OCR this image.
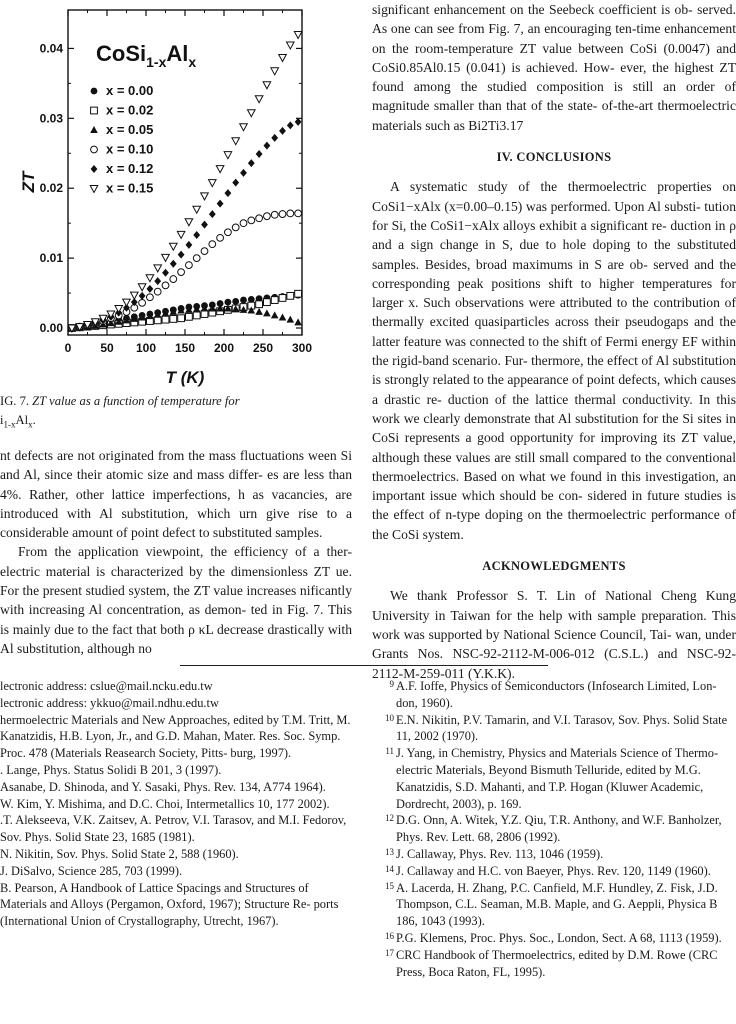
0 50 100 150 200 250 300
0.00
0.01
0.02
0.03
0.04 $CoSi_{1-x}Al_x$
x = 0.00
x = 0.02
x = 0.05
x = 0.10
x = 0.12
x = 0.15
ZT
T (K)
IG. 7. ZT value as a function of temperature for
$i_{1-x}Al_x$.

nt defects are not originated from the mass fluctuations ween Si and Al, since their atomic size and mass differ- es are less than 4%. Rather, other lattice imperfections, h as vacancies, are introduced with Al substitution, which urn give rise to a considerable amount of point defect to substituted samples.

From the application viewpoint, the efficiency of a ther- electric material is characterized by the dimensionless ZT ue. For the present studied system, the ZT value increases nificantly with increasing Al concentration, as demon- ted in Fig. 7. This is mainly due to the fact that both ρ κL decrease drastically with Al substitution, although no

significant enhancement on the Seebeck coefficient is ob- served. As one can see from Fig. 7, an encouraging ten-time enhancement on the room-temperature ZT value between CoSi (0.0047) and CoSi0.85Al0.15 (0.041) is achieved. How- ever, the highest ZT found among the studied composition is still an order of magnitude smaller than that of the state- of-the-art thermoelectric materials such as Bi2Ti3.17

IV. CONCLUSIONS

A systematic study of the thermoelectric properties on CoSi1−xAlx (x=0.00–0.15) was performed. Upon Al substi- tution for Si, the CoSi1−xAlx alloys exhibit a significant re- duction in ρ and a sign change in S, due to hole doping to the substituted samples. Besides, broad maximums in S are ob- served and the corresponding peak positions shift to higher temperatures for larger x. Such observations were attributed to the contribution of thermally excited quasiparticles across their pseudogaps and the latter feature was connected to the shift of Fermi energy EF within the rigid-band scenario. Fur- thermore, the effect of Al substitution is strongly related to the appearance of point defects, which causes a drastic re- duction of the lattice thermal conductivity. In this work we clearly demonstrate that Al substitution for the Si sites in CoSi represents a good opportunity for improving its ZT value, although these values are still small compared to the conventional thermoelectrics. Based on what we found in this investigation, an important issue which should be con- sidered in future studies is the effect of n-type doping on the thermoelectric performance of the CoSi system.

ACKNOWLEDGMENTS

We thank Professor S. T. Lin of National Cheng Kung University in Taiwan for the help with sample preparation. This work was supported by National Science Council, Tai- wan, under Grants Nos. NSC-92-2112-M-006-012 (C.S.L.) and NSC-92-2112-M-259-011 (Y.K.K).

lectronic address: cslue@mail.ncku.edu.tw
lectronic address: ykkuo@mail.ndhu.edu.tw
hermoelectric Materials and New Approaches, edited by T.M. Tritt, M. Kanatzidis, H.B. Lyon, Jr., and G.D. Mahan, Mater. Res. Soc. Symp. Proc. 478 (Materials Reasearch Society, Pitts- burg, 1997).
. Lange, Phys. Status Solidi B 201, 3 (1997).
Asanabe, D. Shinoda, and Y. Sasaki, Phys. Rev. 134, A774 1964).
W. Kim, Y. Mishima, and D.C. Choi, Intermetallics 10, 177 2002).
.T. Alekseeva, V.K. Zaitsev, A. Petrov, V.I. Tarasov, and M.I. Fedorov, Sov. Phys. Solid State 23, 1685 (1981).
N. Nikitin, Sov. Phys. Solid State 2, 588 (1960).
J. DiSalvo, Science 285, 703 (1999).
B. Pearson, A Handbook of Lattice Spacings and Structures of Materials and Alloys (Pergamon, Oxford, 1967); Structure Re- ports (International Union of Crystallography, Utrecht, 1967).
9 A.F. Ioffe, Physics of Semiconductors (Infosearch Limited, Lon- don, 1960).
10 E.N. Nikitin, P.V. Tamarin, and V.I. Tarasov, Sov. Phys. Solid State 11, 2002 (1970).
11 J. Yang, in Chemistry, Physics and Materials Science of Thermo- electric Materials, Beyond Bismuth Telluride, edited by M.G. Kanatzidis, S.D. Mahanti, and T.P. Hogan (Kluwer Academic, Dordrecht, 2003), p. 169.
12 D.G. Onn, A. Witek, Y.Z. Qiu, T.R. Anthony, and W.F. Banholzer, Phys. Rev. Lett. 68, 2806 (1992).
13 J. Callaway, Phys. Rev. 113, 1046 (1959).
14 J. Callaway and H.C. von Baeyer, Phys. Rev. 120, 1149 (1960).
15 A. Lacerda, H. Zhang, P.C. Canfield, M.F. Hundley, Z. Fisk, J.D. Thompson, C.L. Seaman, M.B. Maple, and G. Aeppli, Physica B 186, 1043 (1993).
16 P.G. Klemens, Proc. Phys. Soc., London, Sect. A 68, 1113 (1959).
17 CRC Handbook of Thermoelectrics, edited by D.M. Rowe (CRC Press, Boca Raton, FL, 1995).
